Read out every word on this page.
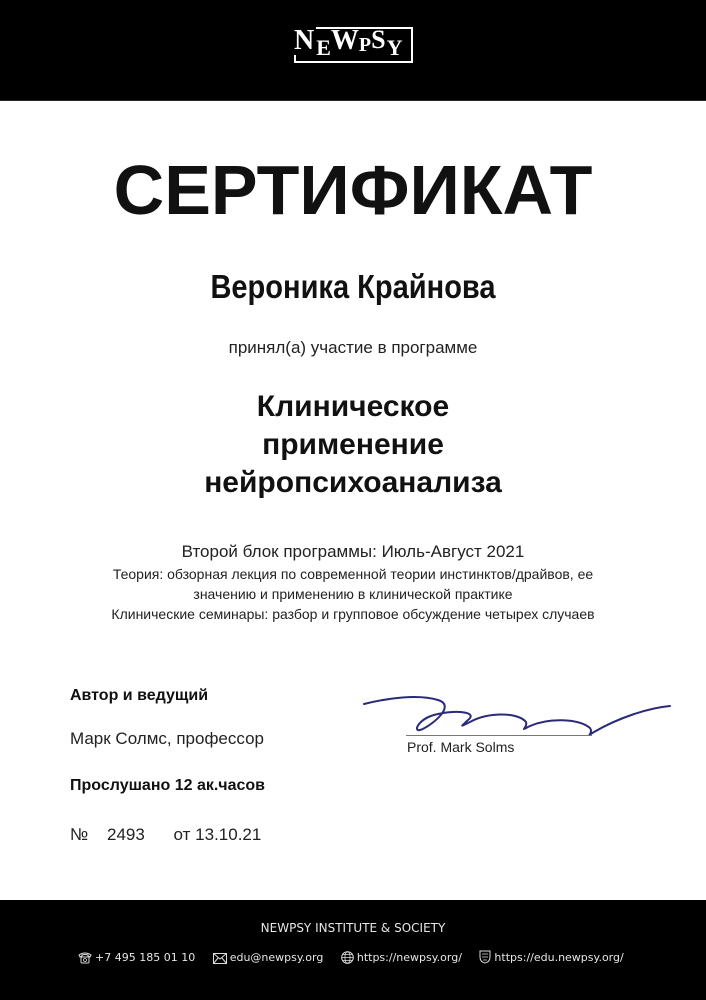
NEWPSY
СЕРТИФИКАТ
Вероника Крайнова
принял(а) участие в программе
Клиническое
применение
нейропсихоанализа
Второй блок программы: Июль-Август 2021
Теория: обзорная лекция по современной теории инстинктов/драйвов, ее
значению и применению в клинической практике
Клинические семинары: разбор и групповое обсуждение четырех случаев
Автор и ведущий
Марк Солмс, профессор
Прослушано 12 ак.часов
№ 2493 от 13.10.21
Prof. Mark Solms
NEWPSY INSTITUTE & SOCIETY
+7 495 185 01 10	edu@newpsy.org	https://newpsy.org/	https://edu.newpsy.org/
